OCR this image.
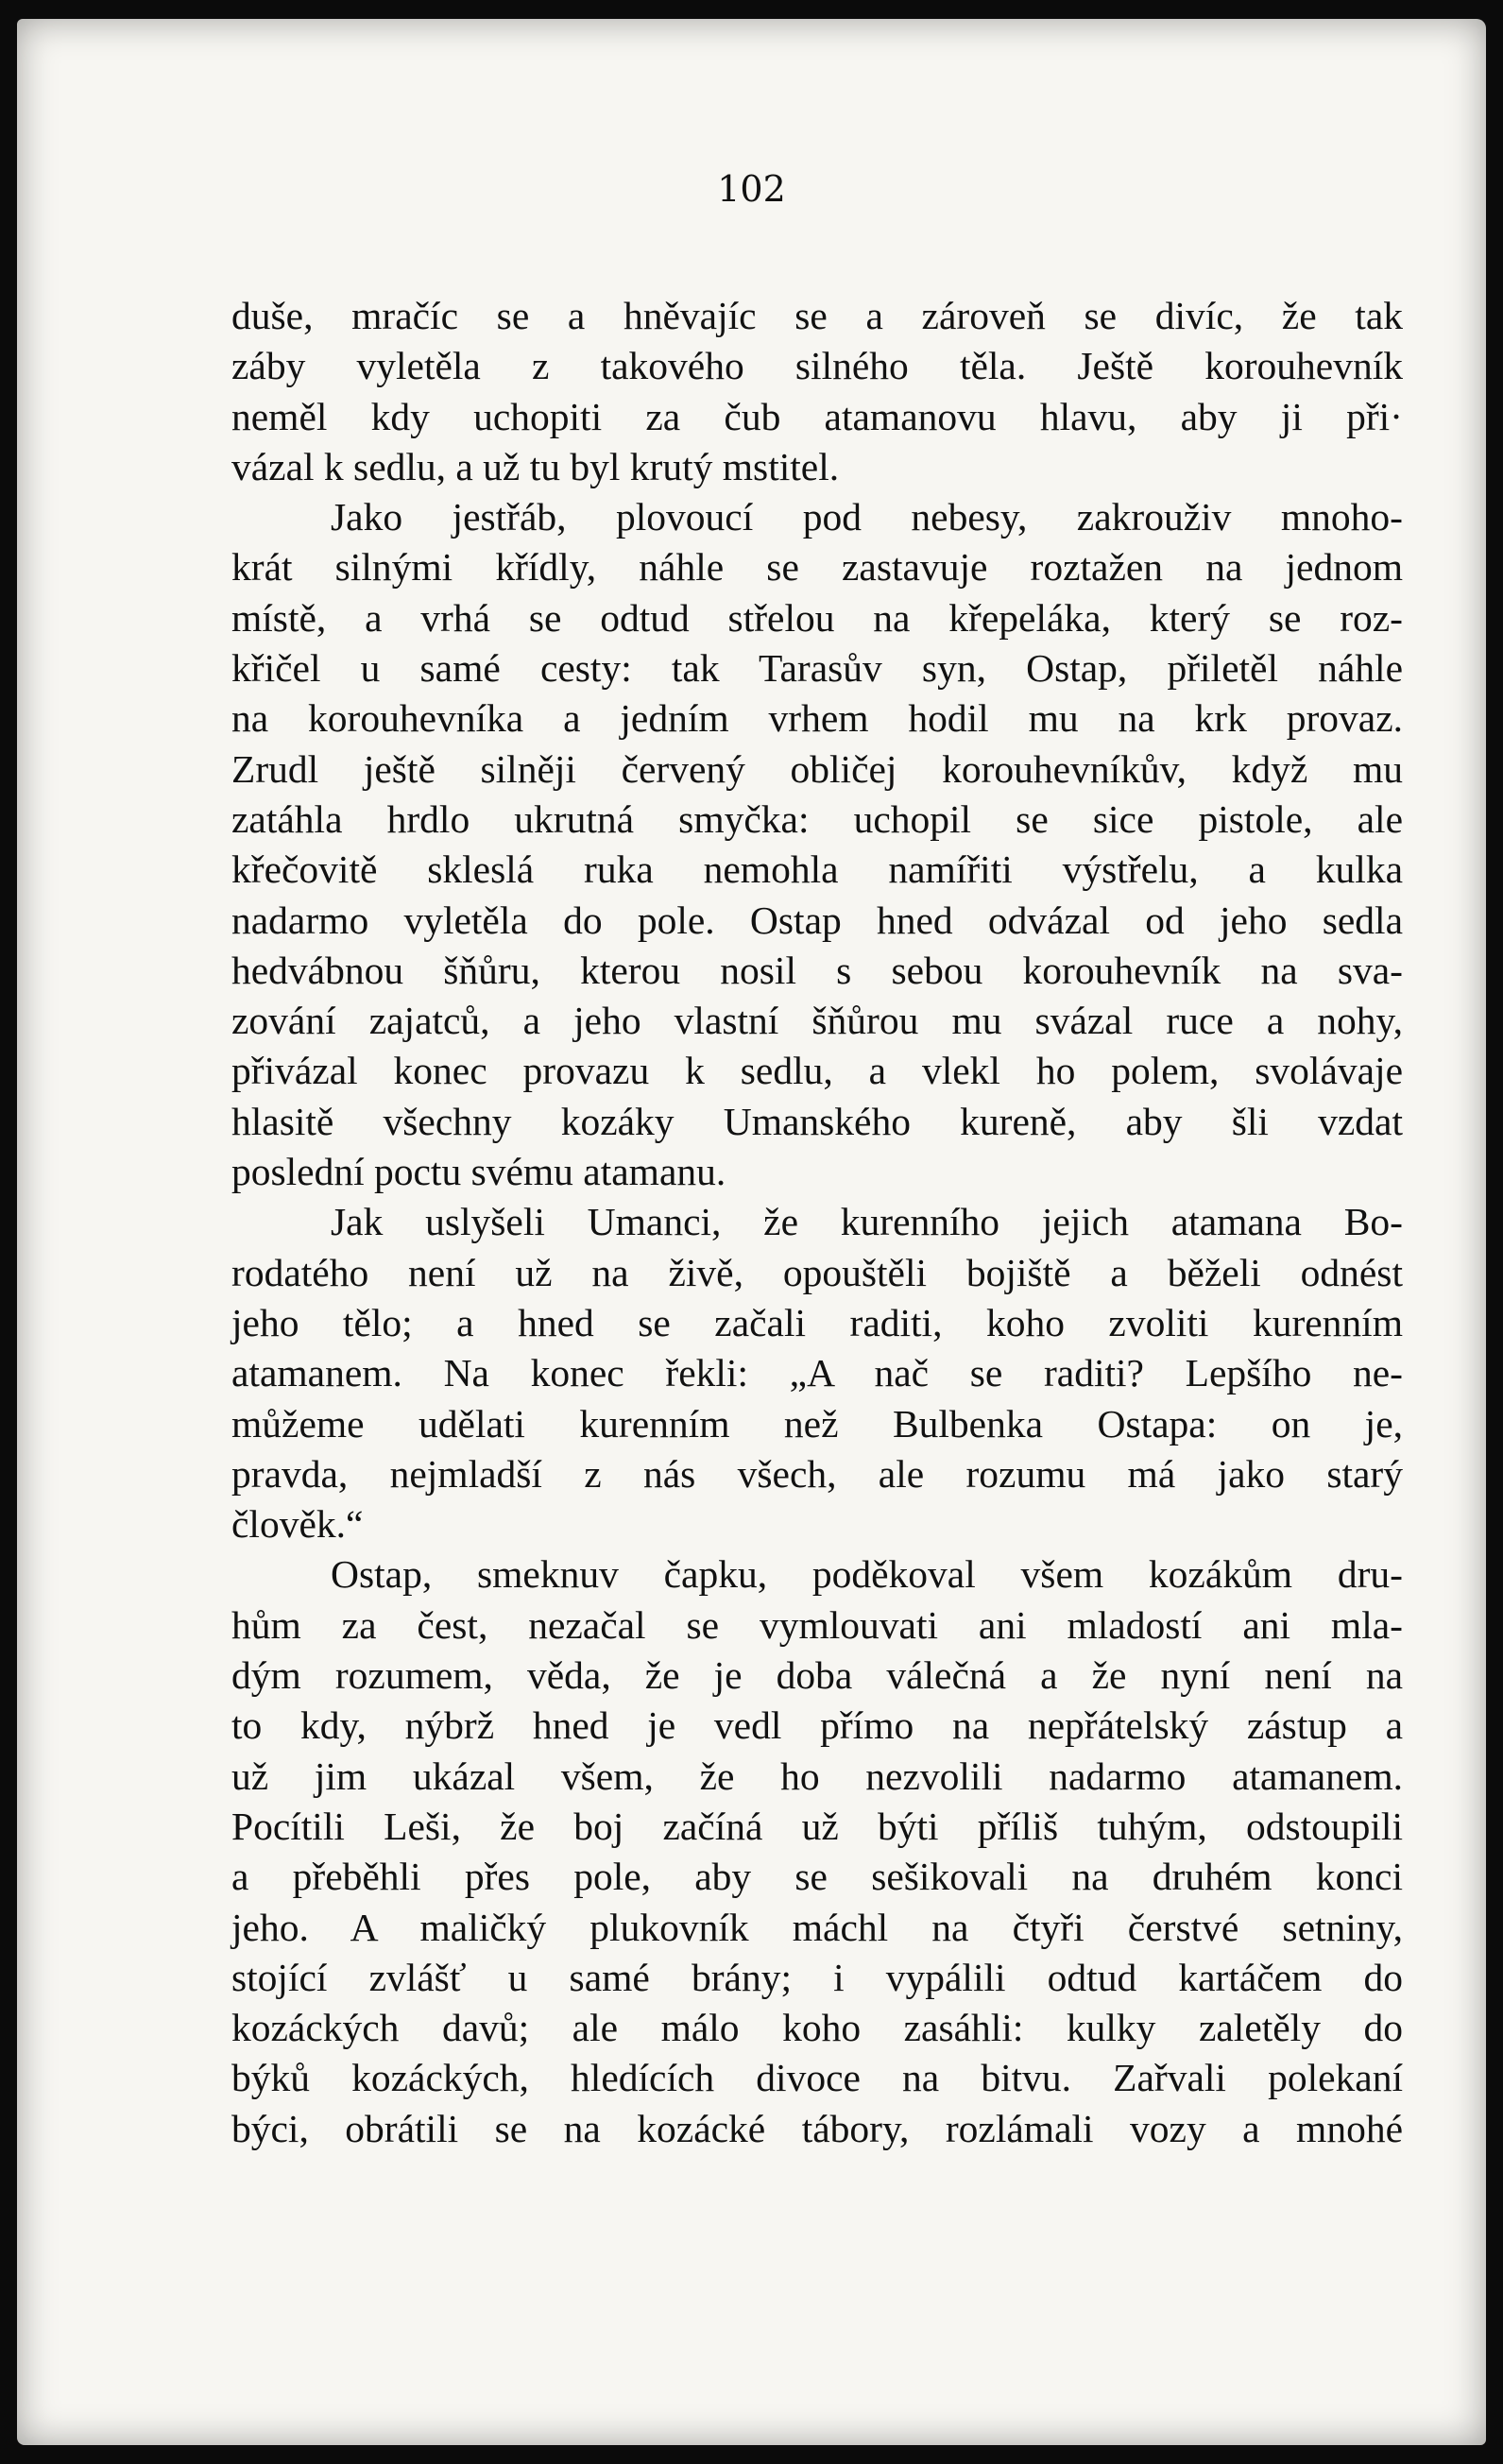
102
duše, mračíc se a hněvajíc se a zároveň se divíc, že tak
záby vyletěla z takového silného těla. Ještě korouhevník
neměl kdy uchopiti za čub atamanovu hlavu, aby ji při·
vázal k sedlu, a už tu byl krutý mstitel.
Jako jestřáb, plovoucí pod nebesy, zakrouživ mnoho-
krát silnými křídly, náhle se zastavuje roztažen na jednom
místě, a vrhá se odtud střelou na křepeláka, který se roz-
křičel u samé cesty: tak Tarasův syn, Ostap, přiletěl náhle
na korouhevníka a jedním vrhem hodil mu na krk provaz.
Zrudl ještě silněji červený obličej korouhevníkův, když mu
zatáhla hrdlo ukrutná smyčka: uchopil se sice pistole, ale
křečovitě skleslá ruka nemohla namířiti výstřelu, a kulka
nadarmo vyletěla do pole. Ostap hned odvázal od jeho sedla
hedvábnou šňůru, kterou nosil s sebou korouhevník na sva-
zování zajatců, a jeho vlastní šňůrou mu svázal ruce a nohy,
přivázal konec provazu k sedlu, a vlekl ho polem, svolávaje
hlasitě všechny kozáky Umanského kureně, aby šli vzdat
poslední poctu svému atamanu.
Jak uslyšeli Umanci, že kurenního jejich atamana Bo-
rodatého není už na živě, opouštěli bojiště a běželi odnést
jeho tělo; a hned se začali raditi, koho zvoliti kurenním
atamanem. Na konec řekli: „A nač se raditi? Lepšího ne-
můžeme udělati kurenním než Bulbenka Ostapa: on je,
pravda, nejmladší z nás všech, ale rozumu má jako starý
člověk.“
Ostap, smeknuv čapku, poděkoval všem kozákům dru-
hům za čest, nezačal se vymlouvati ani mladostí ani mla-
dým rozumem, věda, že je doba válečná a že nyní není na
to kdy, nýbrž hned je vedl přímo na nepřátelský zástup a
už jim ukázal všem, že ho nezvolili nadarmo atamanem.
Pocítili Leši, že boj začíná už býti příliš tuhým, odstoupili
a přeběhli přes pole, aby se sešikovali na druhém konci
jeho. A maličký plukovník máchl na čtyři čerstvé setniny,
stojící zvlášť u samé brány; i vypálili odtud kartáčem do
kozáckých davů; ale málo koho zasáhli: kulky zaletěly do
býků kozáckých, hledících divoce na bitvu. Zařvali polekaní
býci, obrátili se na kozácké tábory, rozlámali vozy a mnohé
